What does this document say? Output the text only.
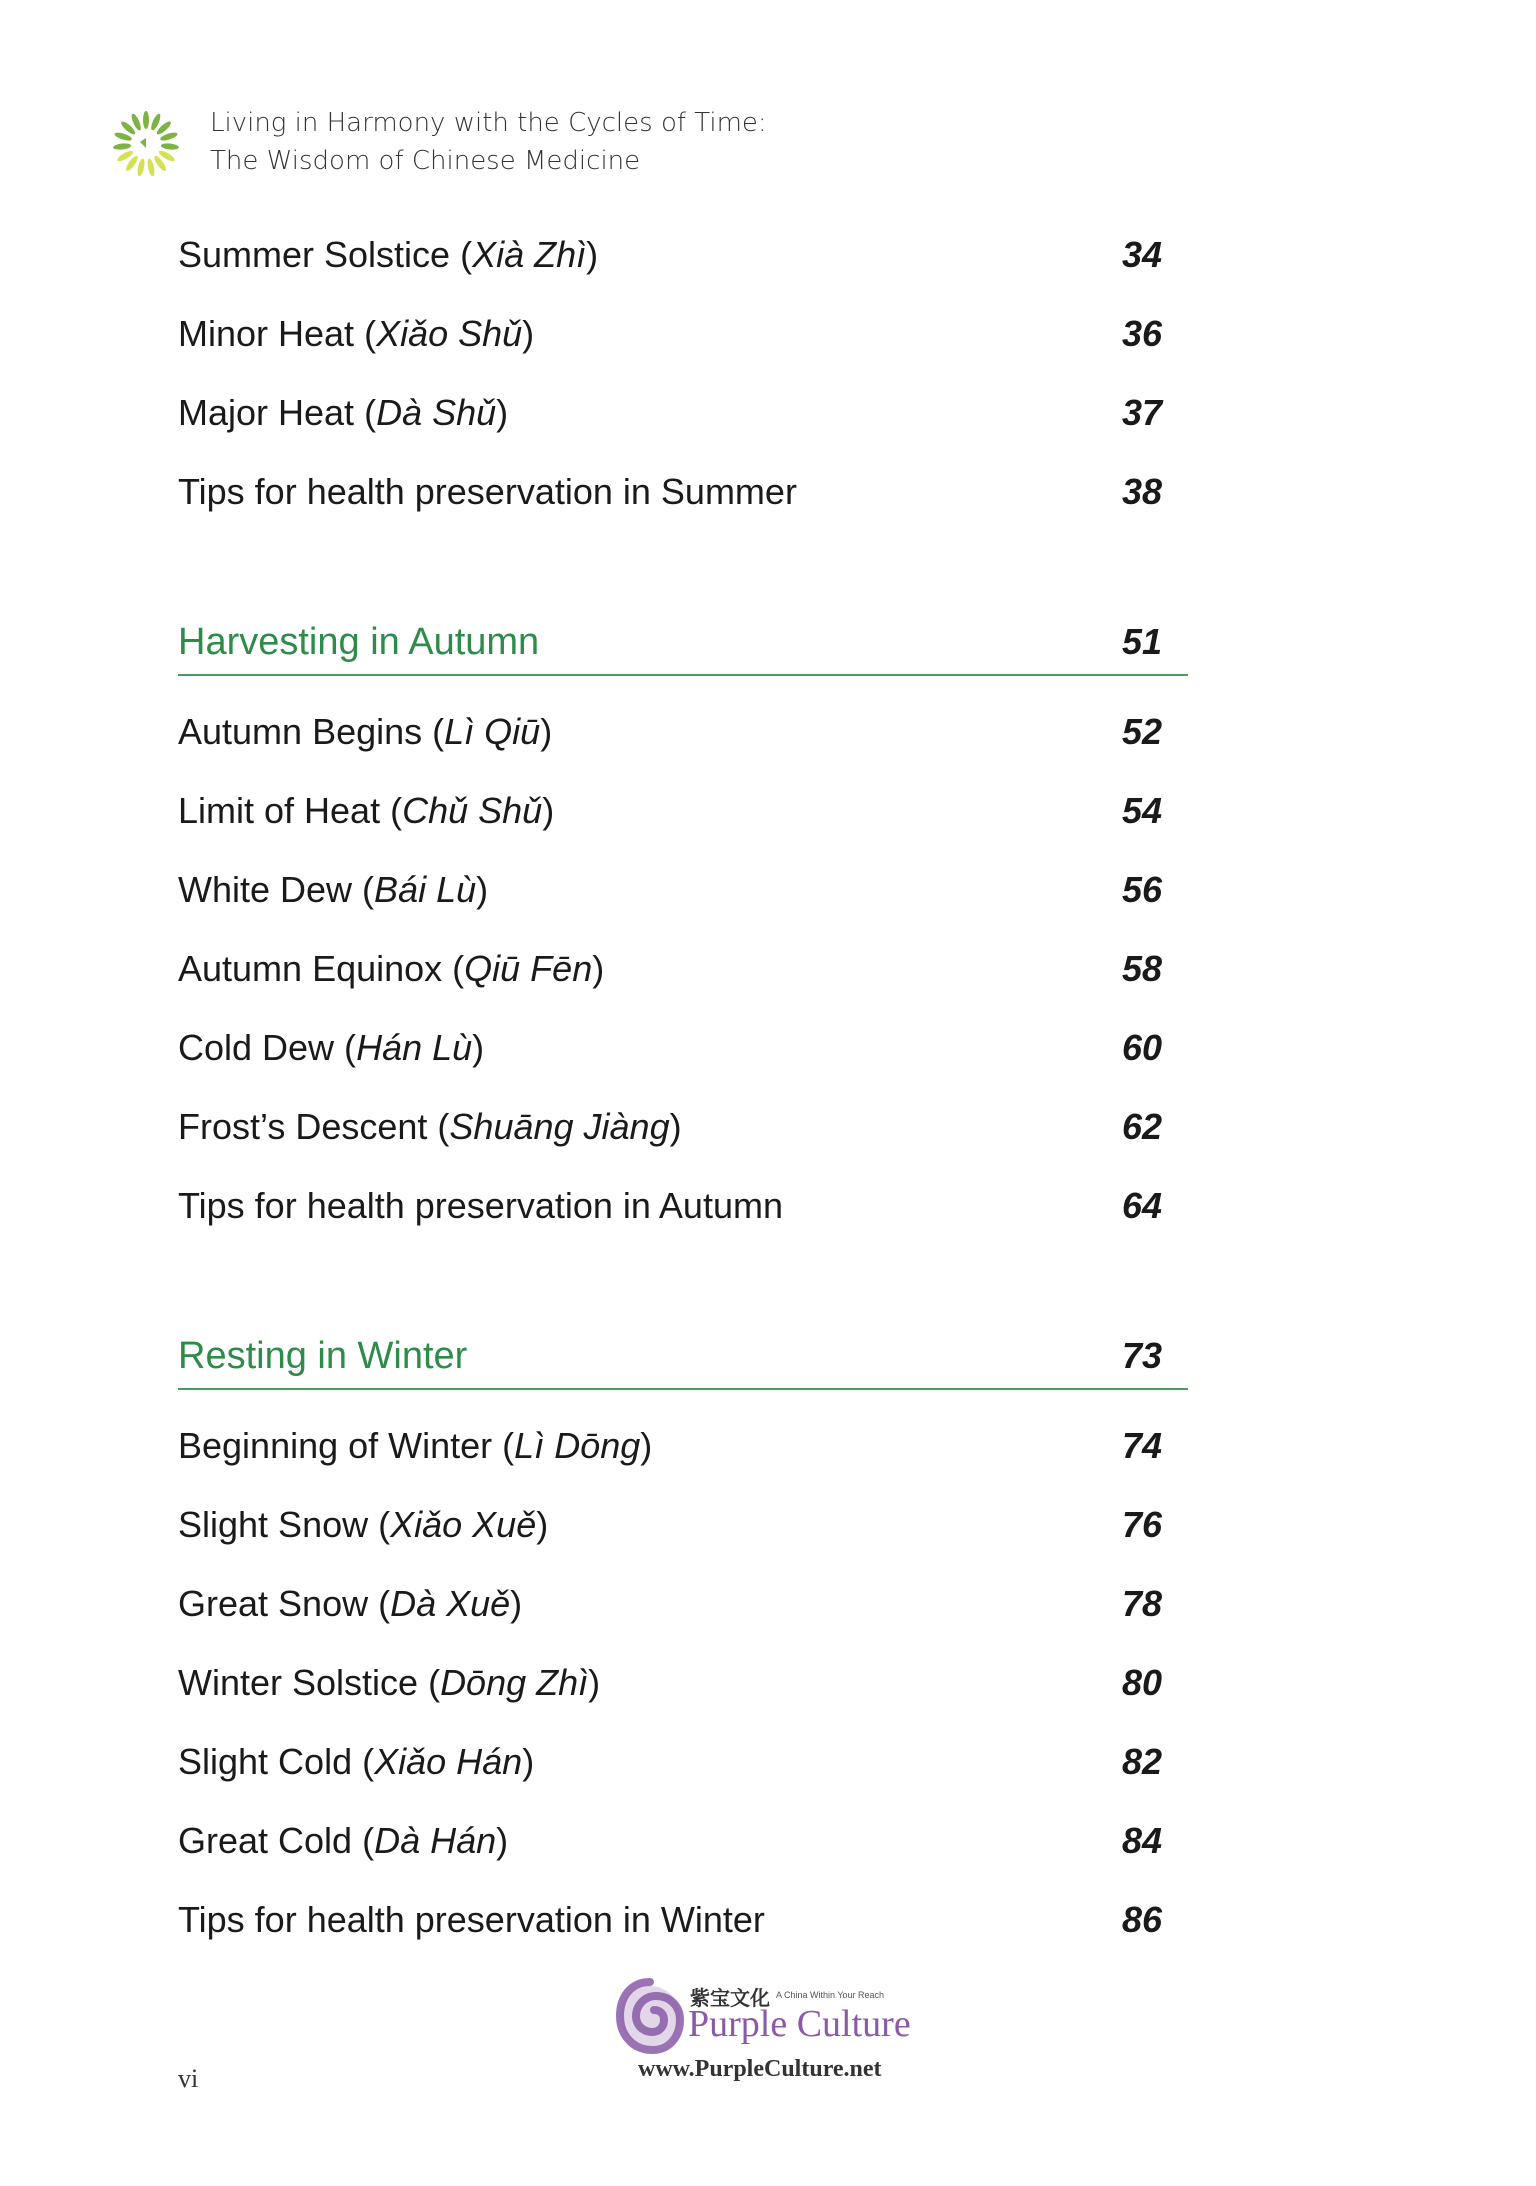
Living in Harmony with the Cycles of Time:
The Wisdom of Chinese Medicine
Summer Solstice (Xià Zhì)	34
Minor Heat (Xiǎo Shǔ)	36
Major Heat (Dà Shǔ)	37
Tips for health preservation in Summer	38
Harvesting in Autumn	51
Autumn Begins (Lì Qiū)	52
Limit of Heat (Chǔ Shǔ)	54
White Dew (Bái Lù)	56
Autumn Equinox (Qiū Fēn)	58
Cold Dew (Hán Lù)	60
Frost’s Descent (Shuāng Jiàng)	62
Tips for health preservation in Autumn	64
Resting in Winter	73
Beginning of Winter (Lì Dōng)	74
Slight Snow (Xiǎo Xuě)	76
Great Snow (Dà Xuě)	78
Winter Solstice (Dōng Zhì)	80
Slight Cold (Xiǎo Hán)	82
Great Cold (Dà Hán)	84
Tips for health preservation in Winter	86
紫宝文化 A China Within Your Reach
Purple Culture
www.PurpleCulture.net
vi
